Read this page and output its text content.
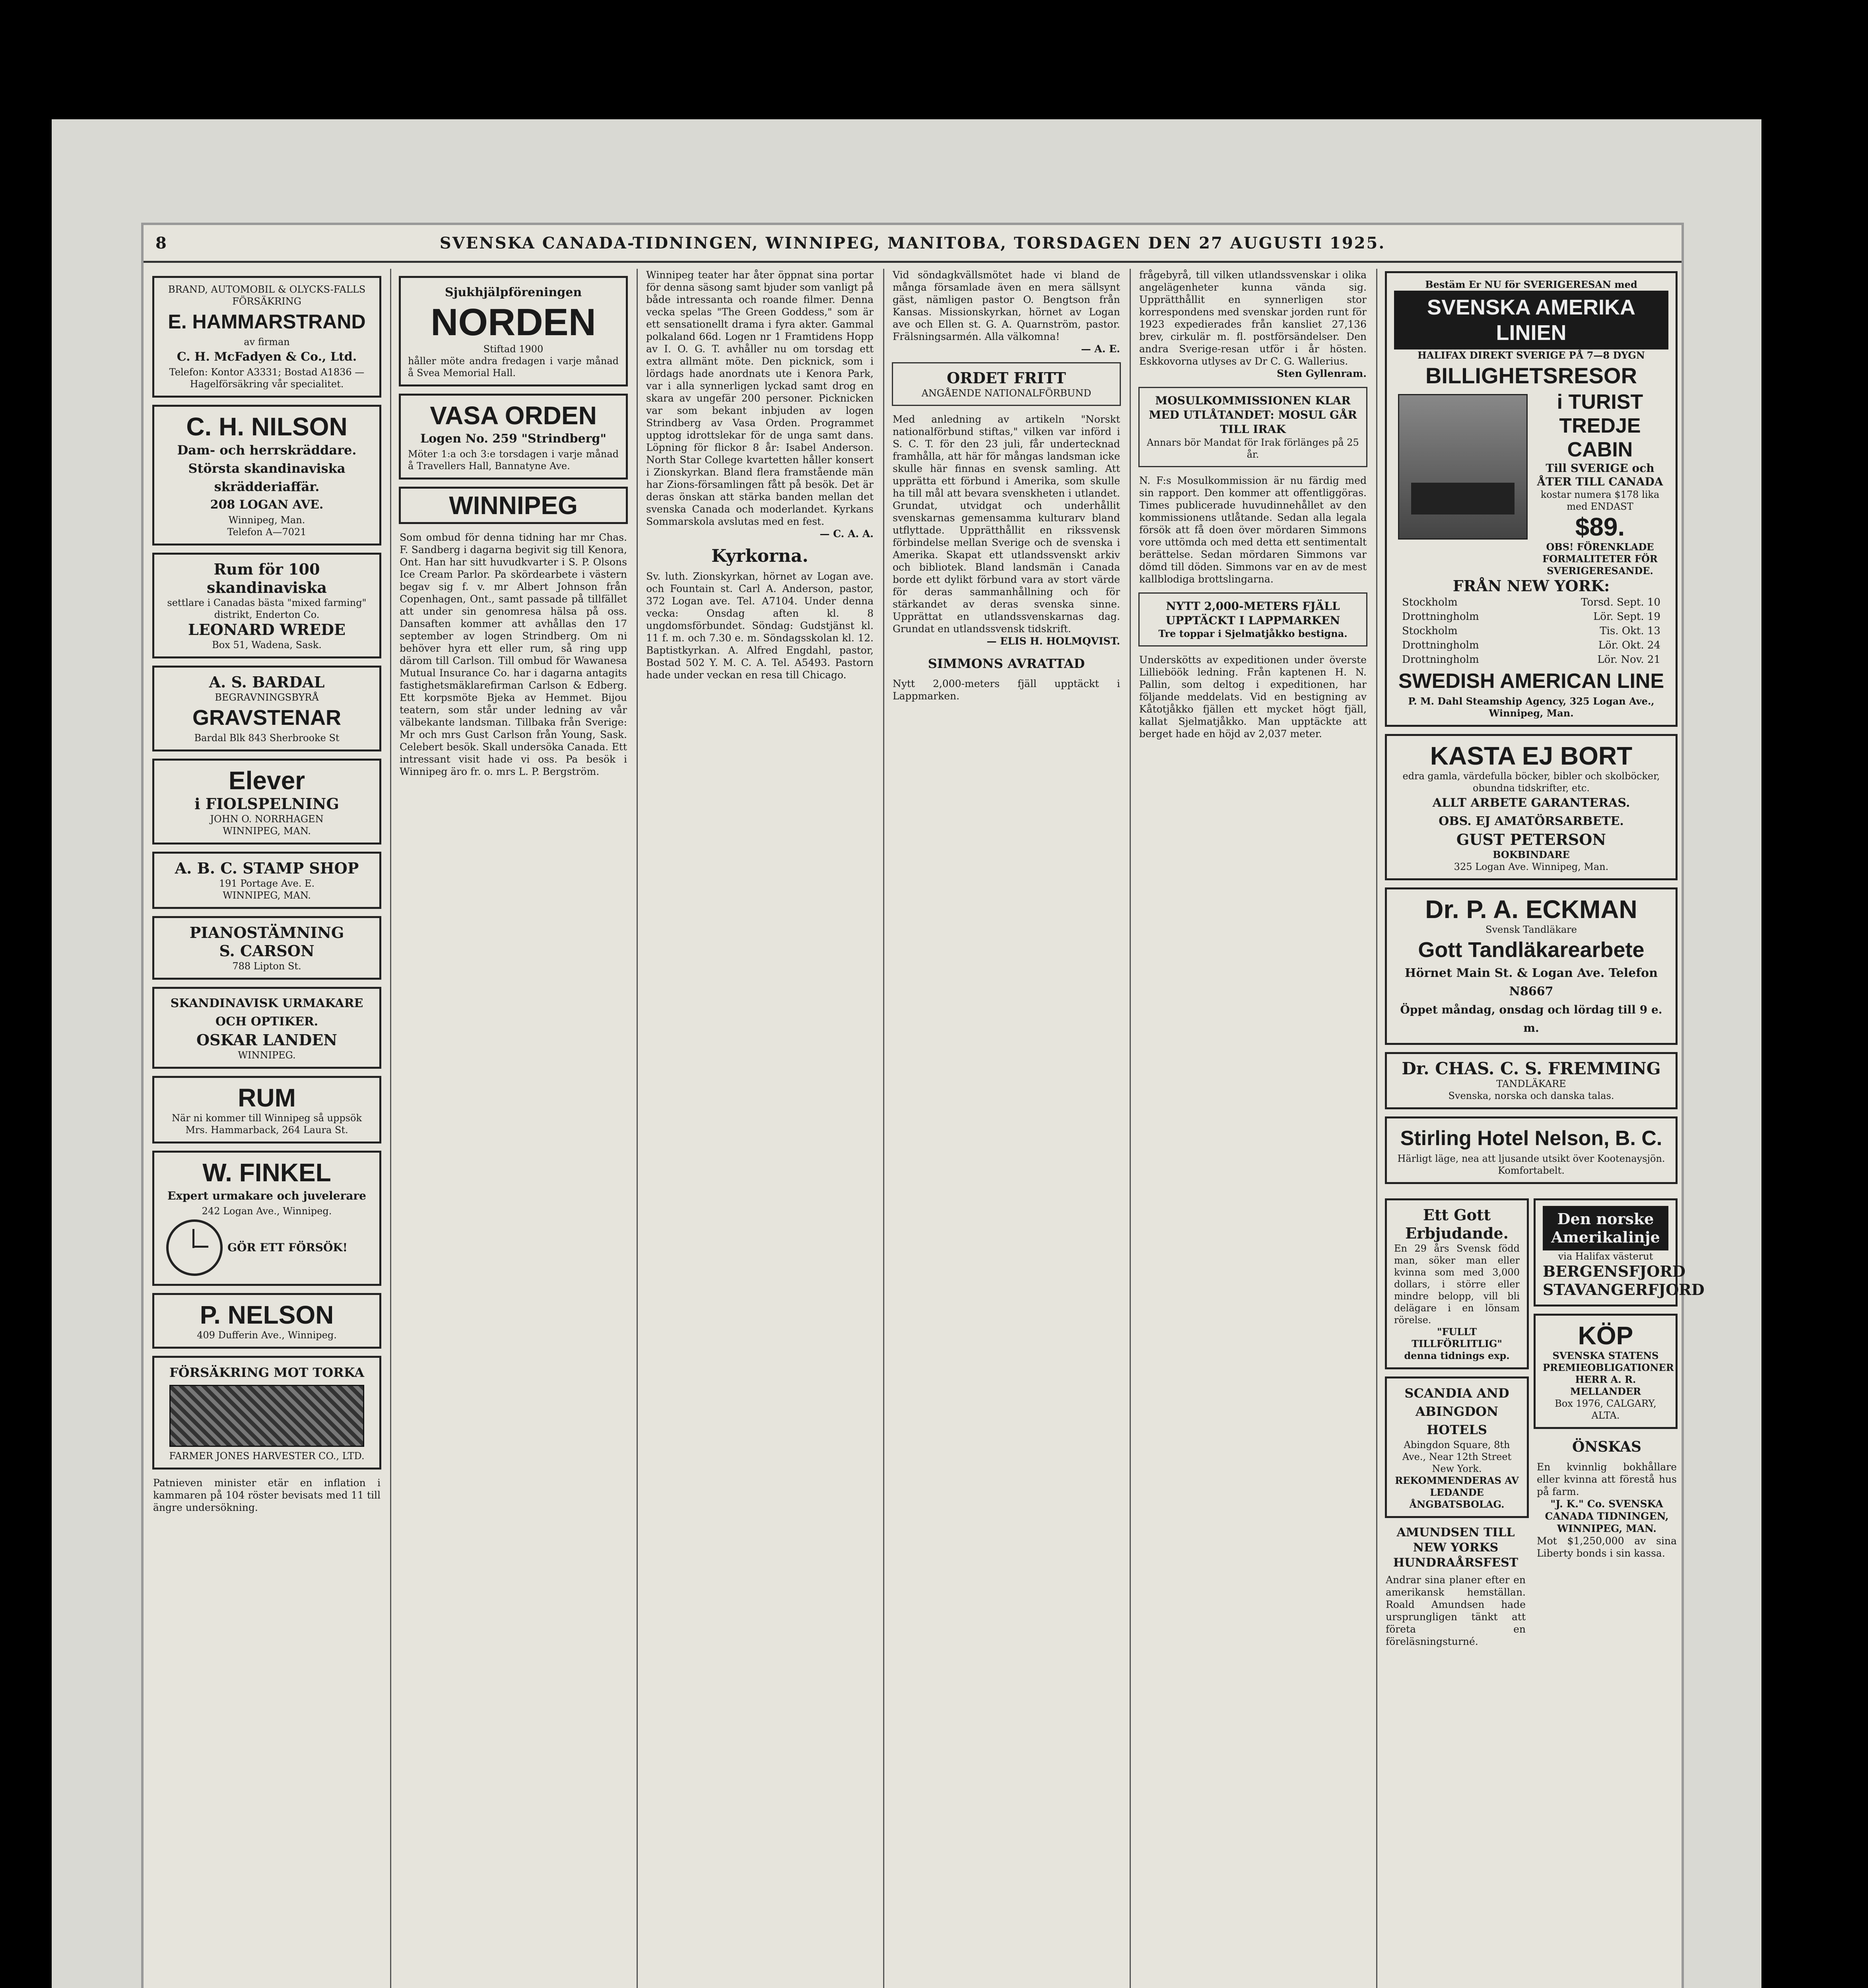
8	SVENSKA CANADA-TIDNINGEN, WINNIPEG, MANITOBA, TORSDAGEN DEN 27 AUGUSTI 1925.
BRAND, AUTOMOBIL & OLYCKS-FALLS FÖRSÄKRING
E. HAMMARSTRAND
av firman
C. H. McFadyen & Co., Ltd.
Telefon: Kontor A3331; Bostad A1836 — Hagelförsäkring vår specialitet.
C. H. NILSON
Dam- och herrskräddare.
Största skandinaviska skrädderiaffär.
208 LOGAN AVE.
Winnipeg, Man.
Telefon A—7021
Rum för 100 skandinaviska
settlare i Canadas bästa "mixed farming" distrikt, Enderton Co.
LEONARD WREDE
Box 51, Wadena, Sask.
A. S. BARDAL
BEGRAVNINGSBYRÅ
GRAVSTENAR
Bardal Blk 843 Sherbrooke St
Elever
i FIOLSPELNING
JOHN O. NORRHAGEN
WINNIPEG, MAN.
A. B. C. STAMP SHOP
191 Portage Ave. E.
WINNIPEG, MAN.
PIANOSTÄMNING
S. CARSON
788 Lipton St.
SKANDINAVISK URMAKARE OCH OPTIKER.
OSKAR LANDEN
WINNIPEG.
RUM
När ni kommer till Winnipeg så uppsök Mrs. Hammarback, 264 Laura St.
W. FINKEL
Expert urmakare och juvelerare
242 Logan Ave., Winnipeg.
GÖR ETT FÖRSÖK!
P. NELSON
409 Dufferin Ave., Winnipeg.
FÖRSÄKRING MOT TORKA
FARMER JONES HARVESTER CO., LTD.
Patnieven minister etär en inflation i kammaren på 104 röster bevisats med 11 till ängre undersökning.
Sjukhjälpföreningen
NORDEN
Stiftad 1900
håller möte andra fredagen i varje månad å Svea Memorial Hall.
VASA ORDEN
Logen No. 259 "Strindberg"
Möter 1:a och 3:e torsdagen i varje månad å Travellers Hall, Bannatyne Ave.
WINNIPEG
Som ombud för denna tidning har mr Chas. F. Sandberg i dagarna begivit sig till Kenora, Ont. Han har sitt huvudkvarter i S. P. Olsons Ice Cream Parlor. Pa skördearbete i västern begav sig f. v. mr Albert Johnson från Copenhagen, Ont., samt passade på tillfället att under sin genomresa hälsa på oss. Dansaften kommer att avhållas den 17 september av logen Strindberg. Om ni behöver hyra ett eller rum, så ring upp därom till Carlson. Till ombud för Wawanesa Mutual Insurance Co. har i dagarna antagits fastighetsmäklarefirman Carlson & Edberg. Ett korpsmöte Bjeka av Hemmet. Bijou teatern, som står under ledning av vår välbekante landsman. Tillbaka från Sverige: Mr och mrs Gust Carlson från Young, Sask. Celebert besök. Skall undersöka Canada. Ett intressant visit hade vi oss. Pa besök i Winnipeg äro fr. o. mrs L. P. Bergström.
Winnipeg teater har åter öppnat sina portar för denna säsong samt bjuder som vanligt på både intressanta och roande filmer. Denna vecka spelas "The Green Goddess," som är ett sensationellt drama i fyra akter. Gammal polkaland 66d. Logen nr 1 Framtidens Hopp av I. O. G. T. avhåller nu om torsdag ett extra allmänt möte. Den picknick, som i lördags hade anordnats ute i Kenora Park, var i alla synnerligen lyckad samt drog en skara av ungefär 200 personer. Picknicken var som bekant inbjuden av logen Strindberg av Vasa Orden. Programmet upptog idrottslekar för de unga samt dans. Löpning för flickor 8 år: Isabel Anderson. North Star College kvartetten håller konsert i Zionskyrkan. Bland flera framstående män har Zions-församlingen fått på besök. Det är deras önskan att stärka banden mellan det svenska Canada och moderlandet. Kyrkans Sommarskola avslutas med en fest.
— C. A. A.
Kyrkorna.
Sv. luth. Zionskyrkan, hörnet av Logan ave. och Fountain st. Carl A. Anderson, pastor, 372 Logan ave. Tel. A7104. Under denna vecka: Onsdag aften kl. 8 ungdomsförbundet. Söndag: Gudstjänst kl. 11 f. m. och 7.30 e. m. Söndagsskolan kl. 12. Baptistkyrkan. A. Alfred Engdahl, pastor, Bostad 502 Y. M. C. A. Tel. A5493. Pastorn hade under veckan en resa till Chicago.
Vid söndagkvällsmötet hade vi bland de många församlade även en mera sällsynt gäst, nämligen pastor O. Bengtson från Kansas. Missionskyrkan, hörnet av Logan ave och Ellen st. G. A. Quarnström, pastor. Frälsningsarmén. Alla välkomna!
— A. E.
ORDET FRITT
ANGÅENDE NATIONALFÖRBUND
Med anledning av artikeln "Norskt nationalförbund stiftas," vilken var införd i S. C. T. för den 23 juli, får undertecknad framhålla, att här för mångas landsman icke skulle här finnas en svensk samling. Att upprätta ett förbund i Amerika, som skulle ha till mål att bevara svenskheten i utlandet. Grundat, utvidgat och underhållit svenskarnas gemensamma kulturarv bland utflyttade. Upprätthållit en rikssvensk förbindelse mellan Sverige och de svenska i Amerika. Skapat ett utlandssvenskt arkiv och bibliotek. Bland landsmän i Canada borde ett dylikt förbund vara av stort värde för deras sammanhållning och för stärkandet av deras svenska sinne. Upprättat en utlandssvenskarnas dag. Grundat en utlandssvensk tidskrift.
— ELIS H. HOLMQVIST.
SIMMONS AVRATTAD
Nytt 2,000-meters fjäll upptäckt i Lappmarken.
frågebyrå, till vilken utlandssvenskar i olika angelägenheter kunna vända sig. Upprätthållit en synnerligen stor korrespondens med svenskar jorden runt för 1923 expedierades från kansliet 27,136 brev, cirkulär m. fl. postförsändelser. Den andra Sverige-resan utför i år hösten. Eskkovorna utlyses av Dr C. G. Wallerius.
Sten Gyllenram.
MOSULKOMMISSIONEN KLAR MED UTLÅTANDET: MOSUL GÅR TILL IRAK
Annars bör Mandat för Irak förlänges på 25 år.
N. F:s Mosulkommission är nu färdig med sin rapport. Den kommer att offentliggöras. Times publicerade huvudinnehållet av den kommissionens utlåtande. Sedan alla legala försök att få doen över mördaren Simmons vore uttömda och med detta ett sentimentalt berättelse. Sedan mördaren Simmons var dömd till döden. Simmons var en av de mest kallblodiga brottslingarna.
NYTT 2,000-METERS FJÄLL UPPTÄCKT I LAPPMARKEN
Tre toppar i Sjelmatjåkko bestigna.
Underskötts av expeditionen under överste Lillieböök ledning. Från kaptenen H. N. Pallin, som deltog i expeditionen, har följande meddelats. Vid en bestigning av Kåtotjåkko fjällen ett mycket högt fjäll, kallat Sjelmatjåkko. Man upptäckte att berget hade en höjd av 2,037 meter.
Bestäm Er NU för SVERIGERESAN med
SVENSKA AMERIKA LINIEN
HALIFAX DIREKT SVERIGE PÅ 7—8 DYGN
BILLIGHETSRESOR
i TURIST TREDJE CABIN
Till SVERIGE och ÅTER TILL CANADA
kostar numera $178 lika med ENDAST
$89.
OBS! FÖRENKLADE FORMALITETER FÖR SVERIGERESANDE.
FRÅN NEW YORK:
Stockholm	Torsd. Sept. 10
Drottningholm	Lör. Sept. 19
Stockholm	Tis. Okt. 13
Drottningholm	Lör. Okt. 24
Drottningholm	Lör. Nov. 21
SWEDISH AMERICAN LINE
P. M. Dahl Steamship Agency, 325 Logan Ave., Winnipeg, Man.
KASTA EJ BORT
edra gamla, värdefulla böcker, bibler och skolböcker, obundna tidskrifter, etc.
ALLT ARBETE GARANTERAS.
OBS. EJ AMATÖRSARBETE.
GUST PETERSON
BOKBINDARE
325 Logan Ave. Winnipeg, Man.
Dr. P. A. ECKMAN
Svensk Tandläkare
Gott Tandläkarearbete
Hörnet Main St. & Logan Ave. Telefon N8667
Öppet måndag, onsdag och lördag till 9 e. m.
Dr. CHAS. C. S. FREMMING
TANDLÄKARE
Svenska, norska och danska talas.
Stirling Hotel Nelson, B. C.
Härligt läge, nea att ljusande utsikt över Kootenaysjön. Komfortabelt.
Ett Gott Erbjudande.
En 29 års Svensk född man, söker man eller kvinna som med 3,000 dollars, i större eller mindre belopp, vill bli delägare i en lönsam rörelse.
"FULLT TILLFÖRLITLIG" denna tidnings exp.
SCANDIA AND ABINGDON HOTELS
Abingdon Square, 8th Ave., Near 12th Street New York.
REKOMMENDERAS AV LEDANDE ÅNGBATSBOLAG.
AMUNDSEN TILL NEW YORKS HUNDRAÅRSFEST
Andrar sina planer efter en amerikansk hemställan. Roald Amundsen hade ursprungligen tänkt att företa en föreläsningsturné.
Den norske Amerikalinje
via Halifax västerut
BERGENSFJORD
STAVANGERFJORD
KÖP
SVENSKA STATENS PREMIEOBLIGATIONER
HERR A. R. MELLANDER
Box 1976, CALGARY, ALTA.
ÖNSKAS
En kvinnlig bokhållare eller kvinna att förestå hus på farm.
"J. K." Co. SVENSKA CANADA TIDNINGEN, WINNIPEG, MAN.
Mot $1,250,000 av sina Liberty bonds i sin kassa.
